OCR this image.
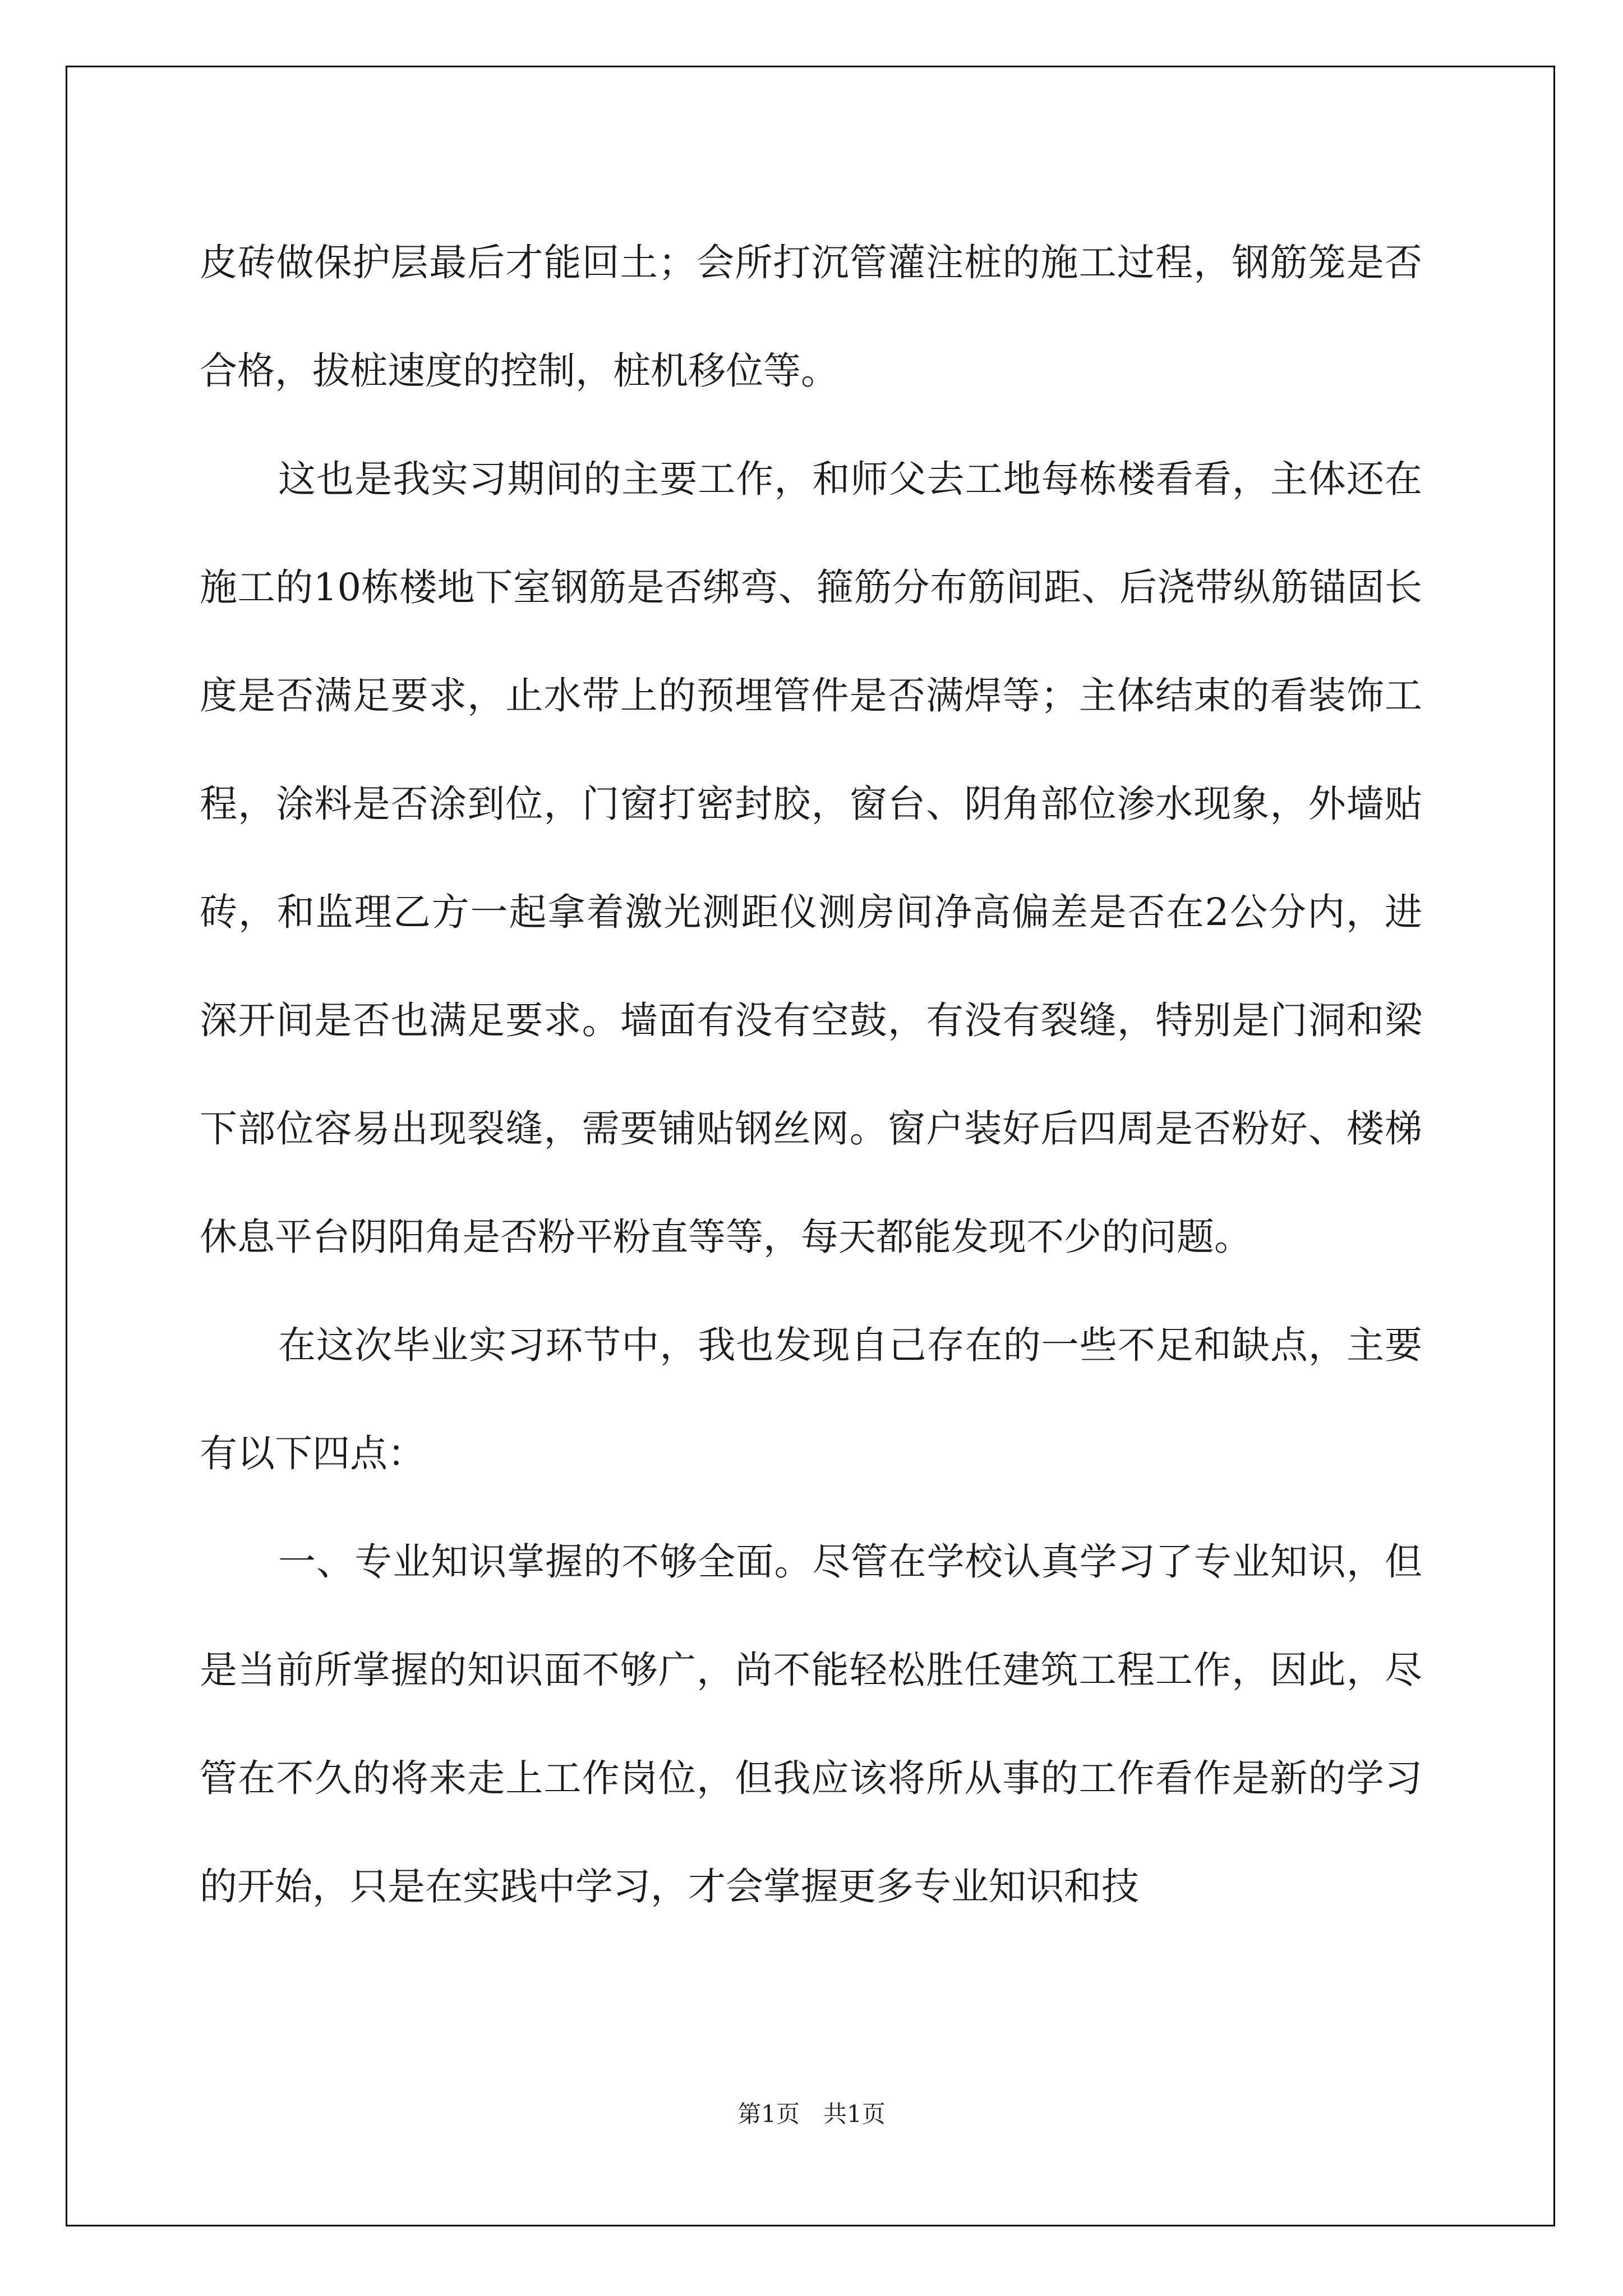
皮砖做保护层最后才能回土；会所打沉管灌注桩的施工过程，钢筋笼是否合格，拔桩速度的控制，桩机移位等。

这也是我实习期间的主要工作，和师父去工地每栋楼看看，主体还在施工的10栋楼地下室钢筋是否绑弯、箍筋分布筋间距、后浇带纵筋锚固长度是否满足要求，止水带上的预埋管件是否满焊等；主体结束的看装饰工程，涂料是否涂到位，门窗打密封胶，窗台、阴角部位渗水现象，外墙贴砖，和监理乙方一起拿着激光测距仪测房间净高偏差是否在2公分内，进深开间是否也满足要求。墙面有没有空鼓，有没有裂缝，特别是门洞和梁下部位容易出现裂缝，需要铺贴钢丝网。窗户装好后四周是否粉好、楼梯休息平台阴阳角是否粉平粉直等等，每天都能发现不少的问题。

在这次毕业实习环节中，我也发现自己存在的一些不足和缺点，主要有以下四点：

一、专业知识掌握的不够全面。尽管在学校认真学习了专业知识，但是当前所掌握的知识面不够广，尚不能轻松胜任建筑工程工作，因此，尽管在不久的将来走上工作岗位，但我应该将所从事的工作看作是新的学习的开始，只是在实践中学习，才会掌握更多专业知识和技

第1页　共1页
